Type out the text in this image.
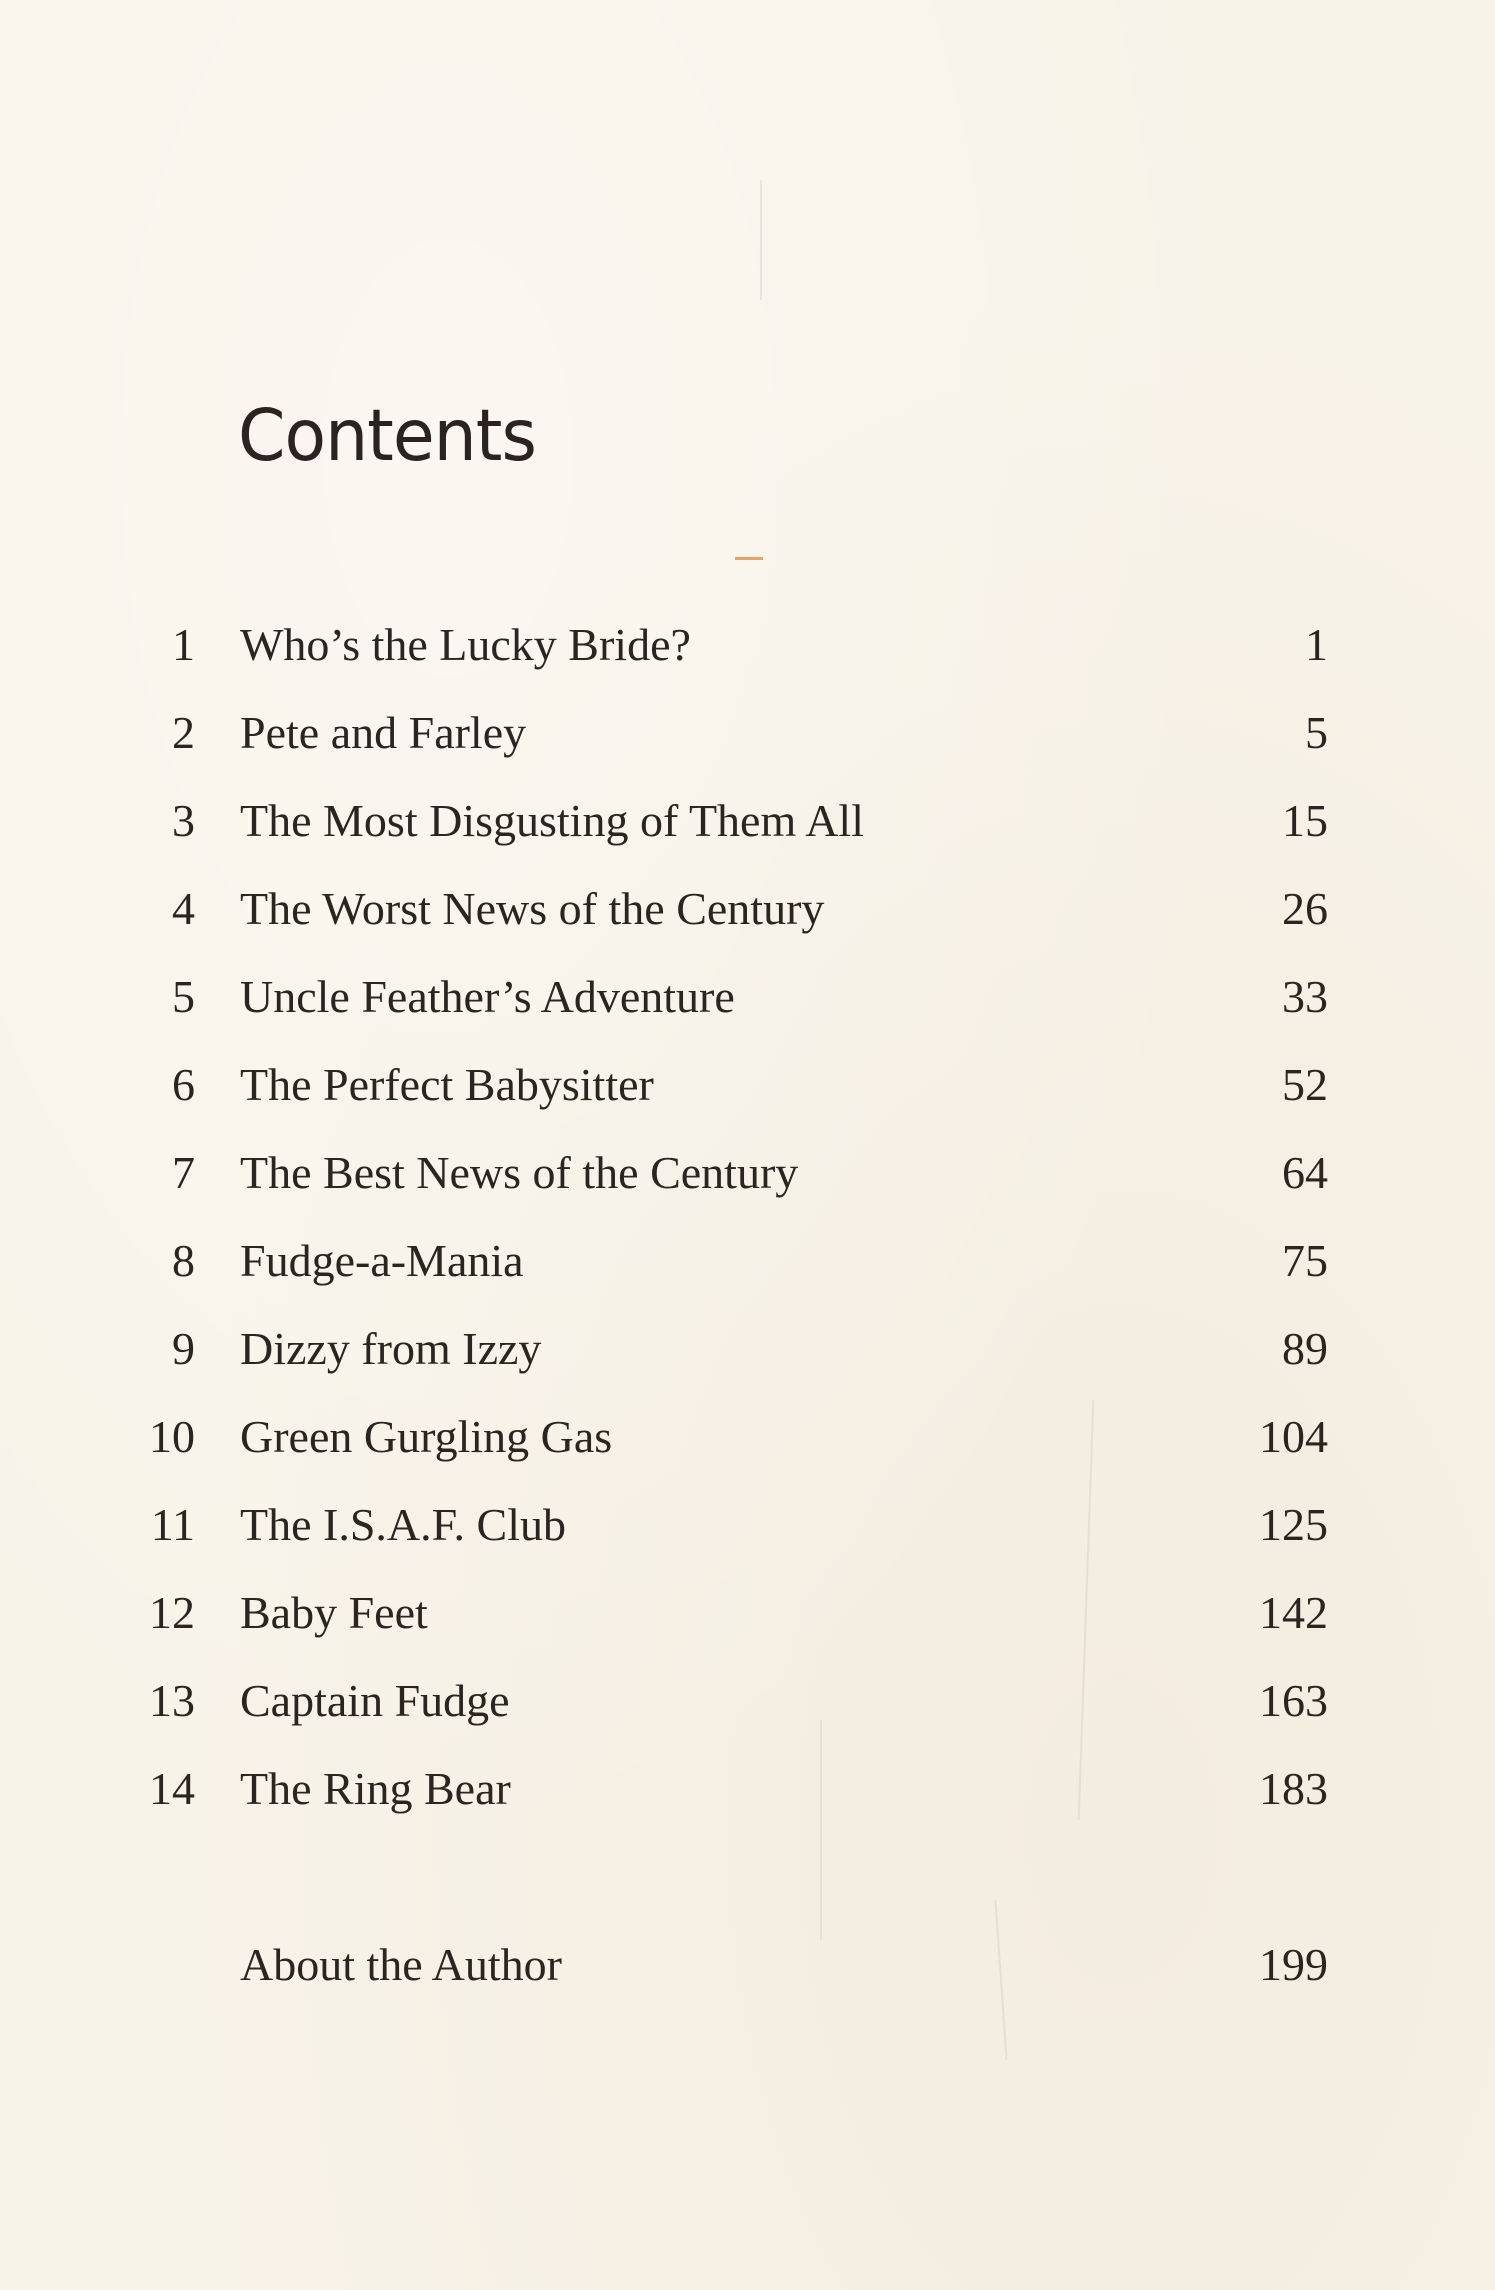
Contents
1 Who’s the Lucky Bride?	1
2 Pete and Farley	5
3 The Most Disgusting of Them All	15
4 The Worst News of the Century	26
5 Uncle Feather’s Adventure	33
6 The Perfect Babysitter	52
7 The Best News of the Century	64
8 Fudge-a-Mania	75
9 Dizzy from Izzy	89
10 Green Gurgling Gas	104
11 The I.S.A.F. Club	125
12 Baby Feet	142
13 Captain Fudge	163
14 The Ring Bear	183
About the Author	199
